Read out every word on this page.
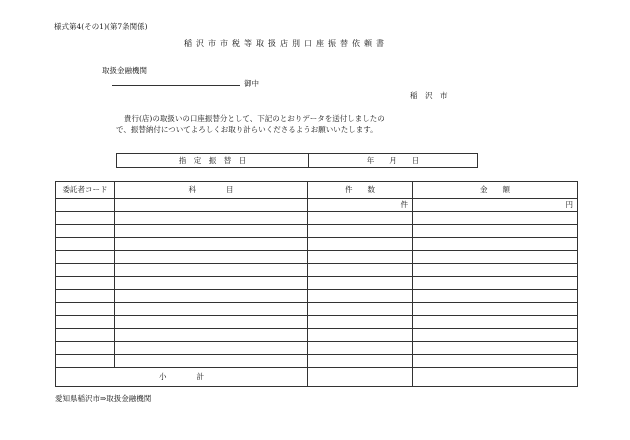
様式第4(その1)(第7条関係)
稲沢市市税等取扱店別口座振替依頼書
取扱金融機関
御中
稲　沢　市
貴行(店)の取扱いの口座振替分として、下記のとおりデータを送付しましたの
で、振替納付についてよろしくお取り計らいくださるようお願いいたします。
指　定　振　替　日	年　　月　　日
委託者コード	科　　　　目	件　　数	金　　額
		件	円

小　　　　計			
愛知県稲沢市⇒取扱金融機関
